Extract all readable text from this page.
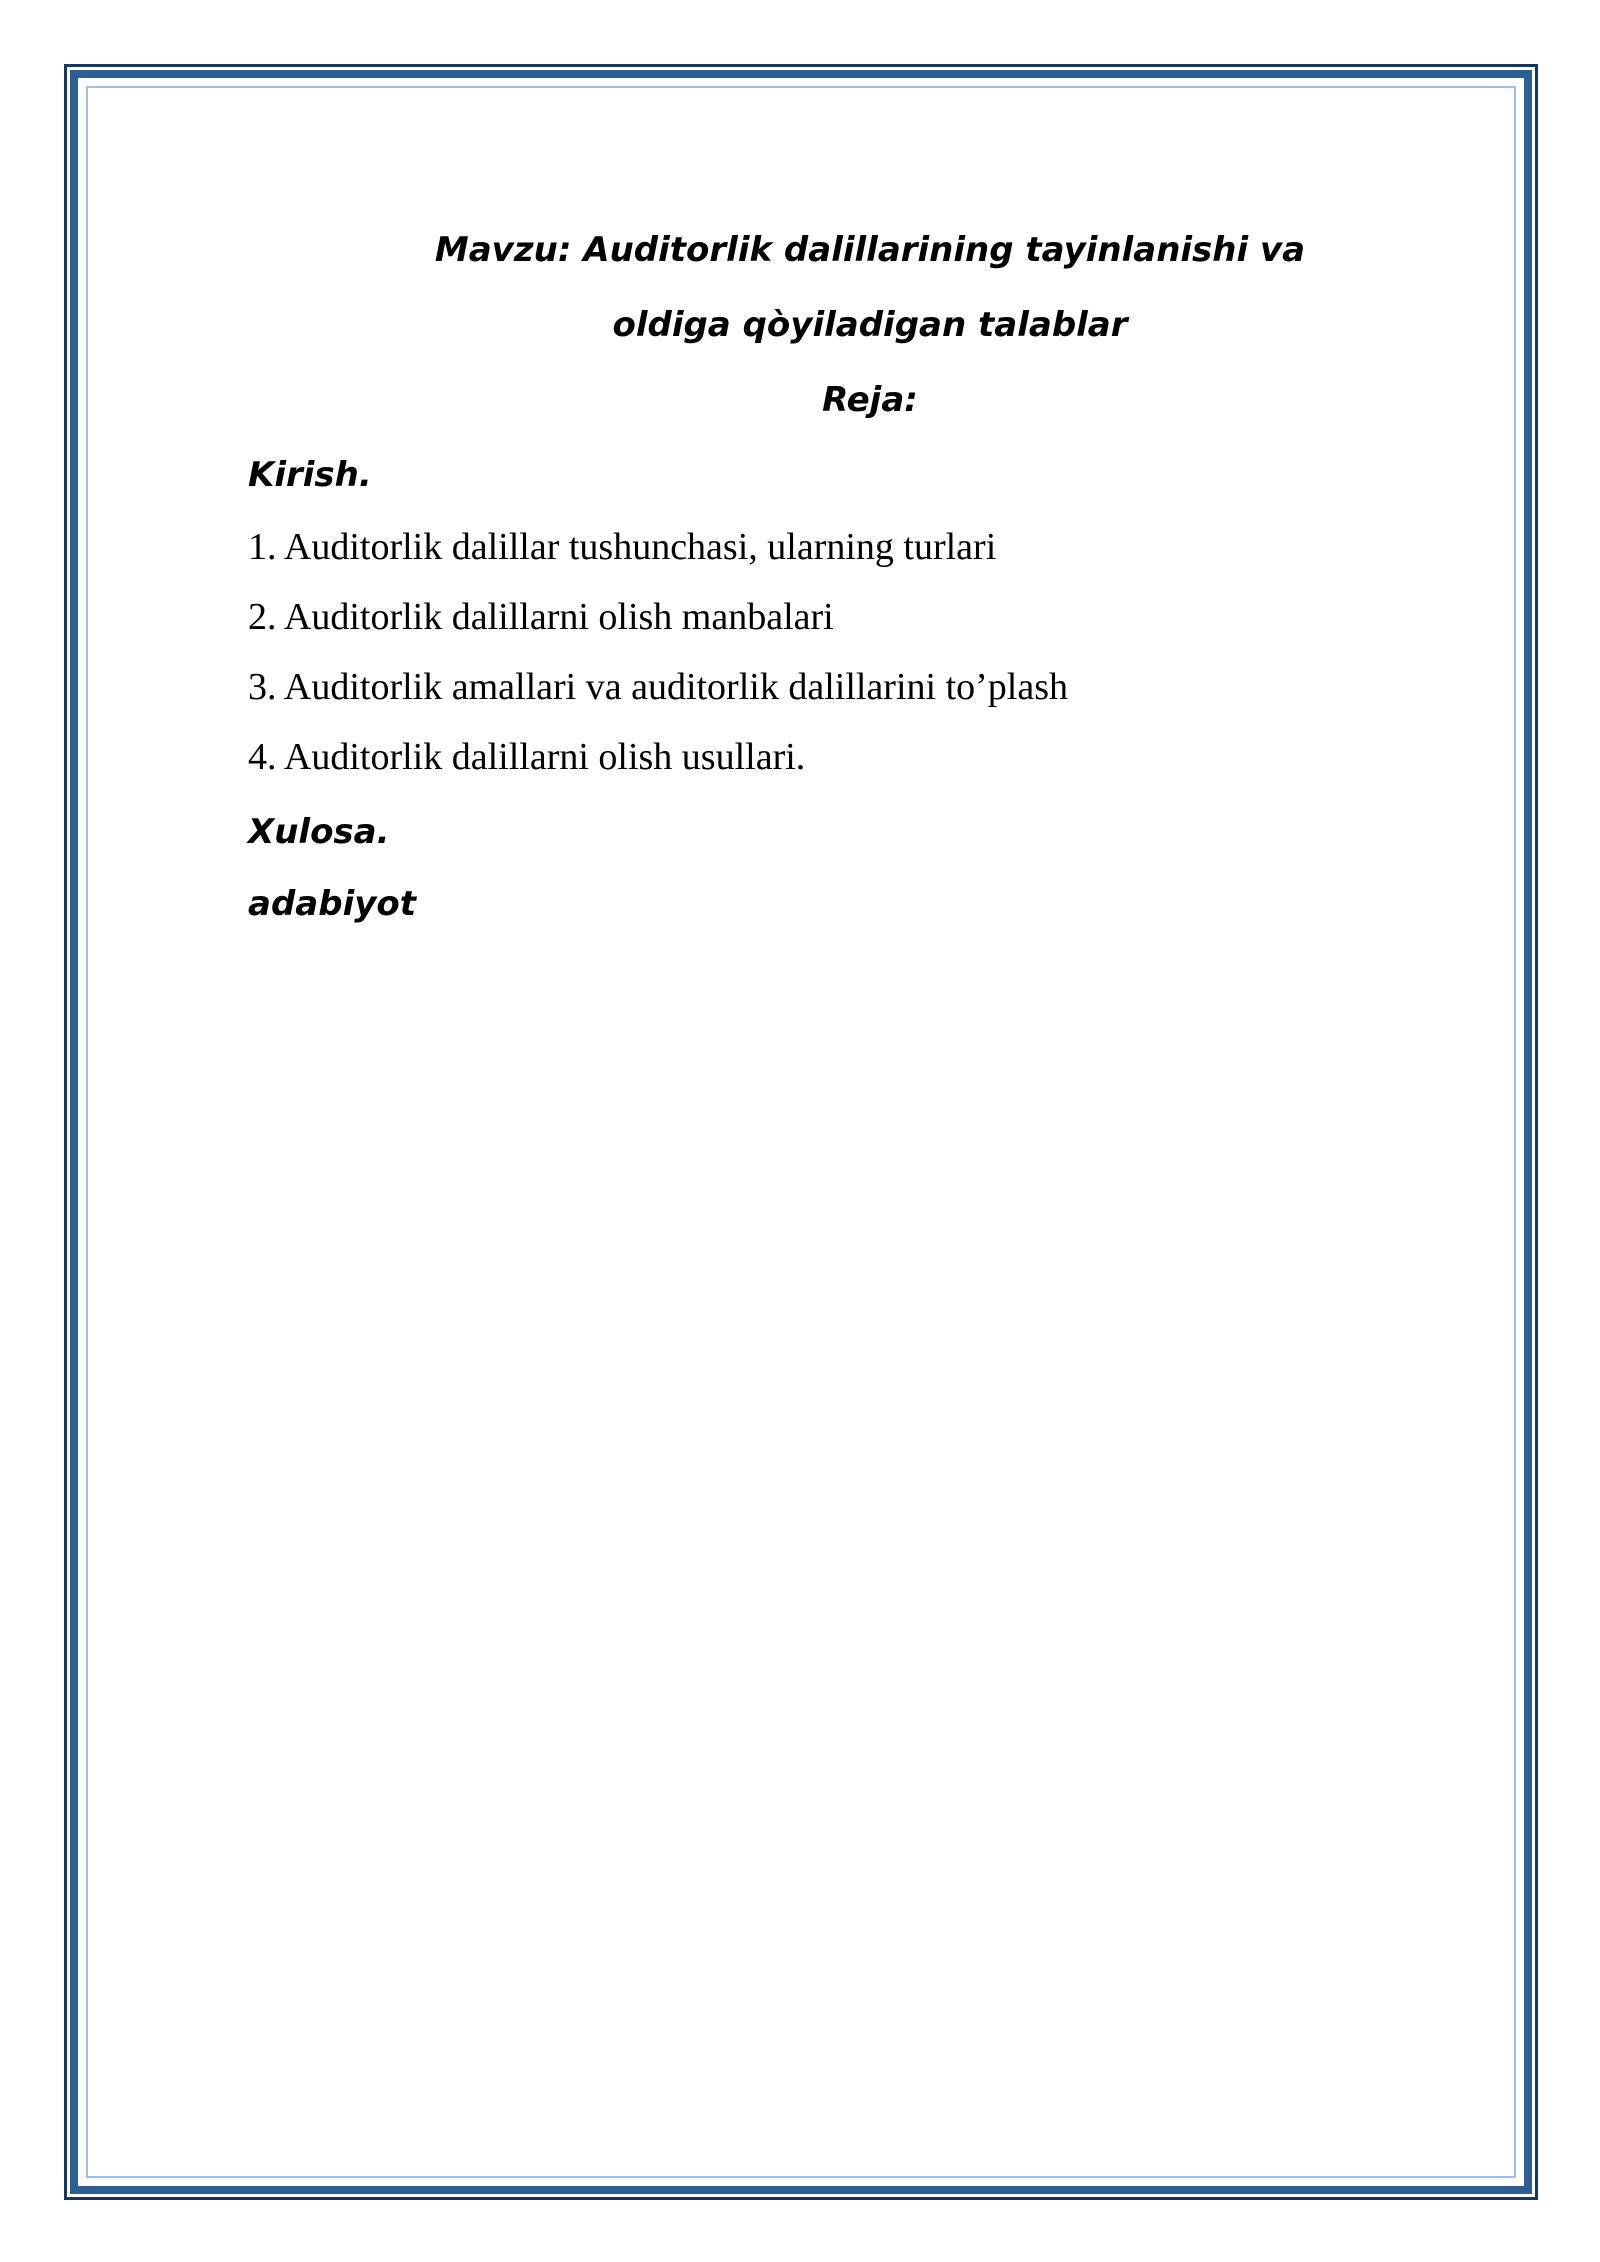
Mavzu: Auditorlik dalillarining tayinlanishi va
oldiga qòyiladigan talablar
Reja:
Kirish.
1. Auditorlik dalillar tushunchasi, ularning turlari
2. Auditorlik dalillarni olish manbalari
3. Auditorlik amallari va auditorlik dalillarini to’plash
4. Auditorlik dalillarni olish usullari.
Xulosa.
adabiyot
